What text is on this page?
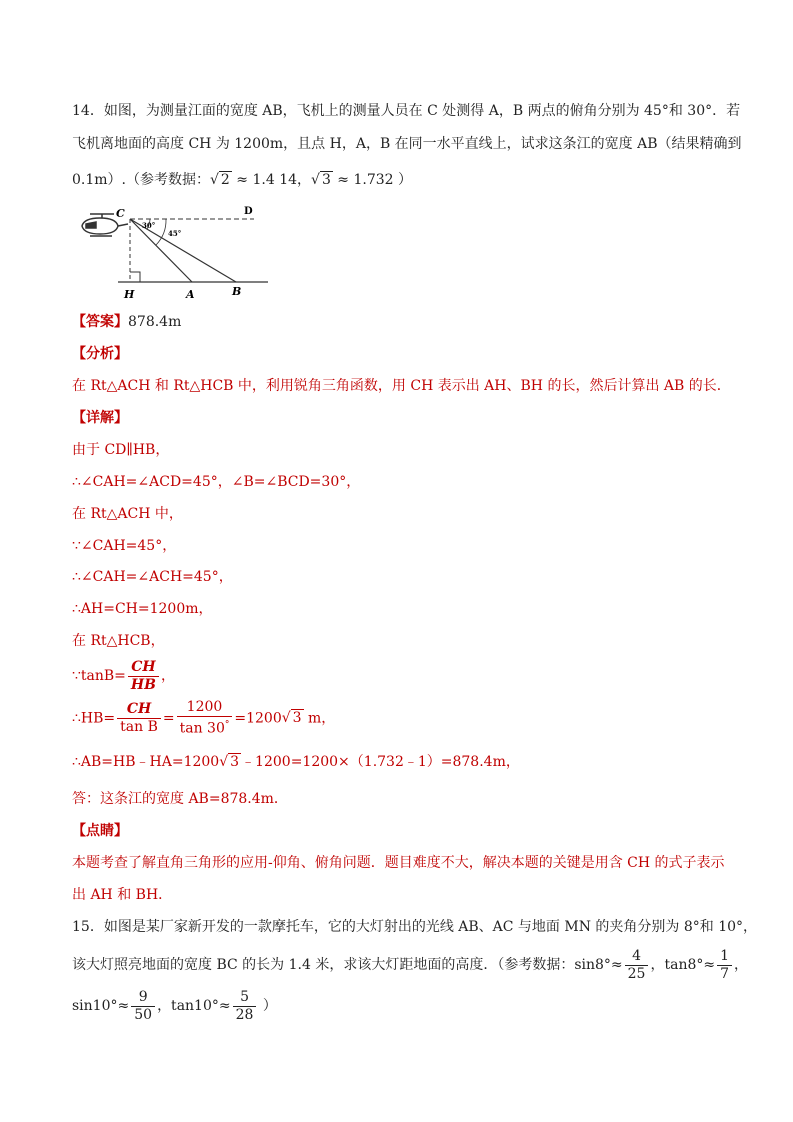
14．如图，为测量江面的宽度 AB，飞机上的测量人员在 C 处测得 A，B 两点的俯角分别为 45°和 30°．若
飞机离地面的高度 CH 为 1200m，且点 H，A，B 在同一水平直线上，试求这条江的宽度 AB（结果精确到
0.1m）.（参考数据：√ 2 ≈ 1.4 14，√ 3 ≈ 1.732 ）
C	D
30°
45°
H	A	B
【答案】878.4m
【分析】
在 Rt△ACH 和 Rt△HCB 中，利用锐角三角函数，用 CH 表示出 AH、BH 的长，然后计算出 AB 的长．
【详解】
由于 CD∥HB，
∴∠CAH=∠ACD=45°，∠B=∠BCD=30°，
在 Rt△ACH 中，
∵∠CAH=45°，
∴∠CAH=∠ACH=45°，
∴AH=CH=1200m，
在 Rt△HCB，
∵tanB= $\frac{CH}{HB}$ ，
∴HB= $\frac{CH}{\text{tan B}} = \frac{1200}{\tan 30^\circ} =1200√$ 3 m，
∴AB=HB﹣HA=1200√ 3 ﹣1200=1200×（1.732﹣1）=878.4m，
答：这条江的宽度 AB=878.4m．
【点睛】
本题考查了解直角三角形的应用-仰角、俯角问题．题目难度不大，解决本题的关键是用含 CH 的式子表示
出 AH 和 BH．
15．如图是某厂家新开发的一款摩托车，它的大灯射出的光线 AB、AC 与地面 MN 的夹角分别为 8°和 10°，
该大灯照亮地面的宽度 BC 的长为 1.4 米，求该大灯距地面的高度．（参考数据：$\sin 8^\circ\approx \frac{4}{25}$ ，$\tan 8^\circ\approx \frac{1}{7}$ ，
$\sin 10^\circ\approx \frac{9}{50}$ ，$\tan 10^\circ\approx \frac{5}{28}$ ）
